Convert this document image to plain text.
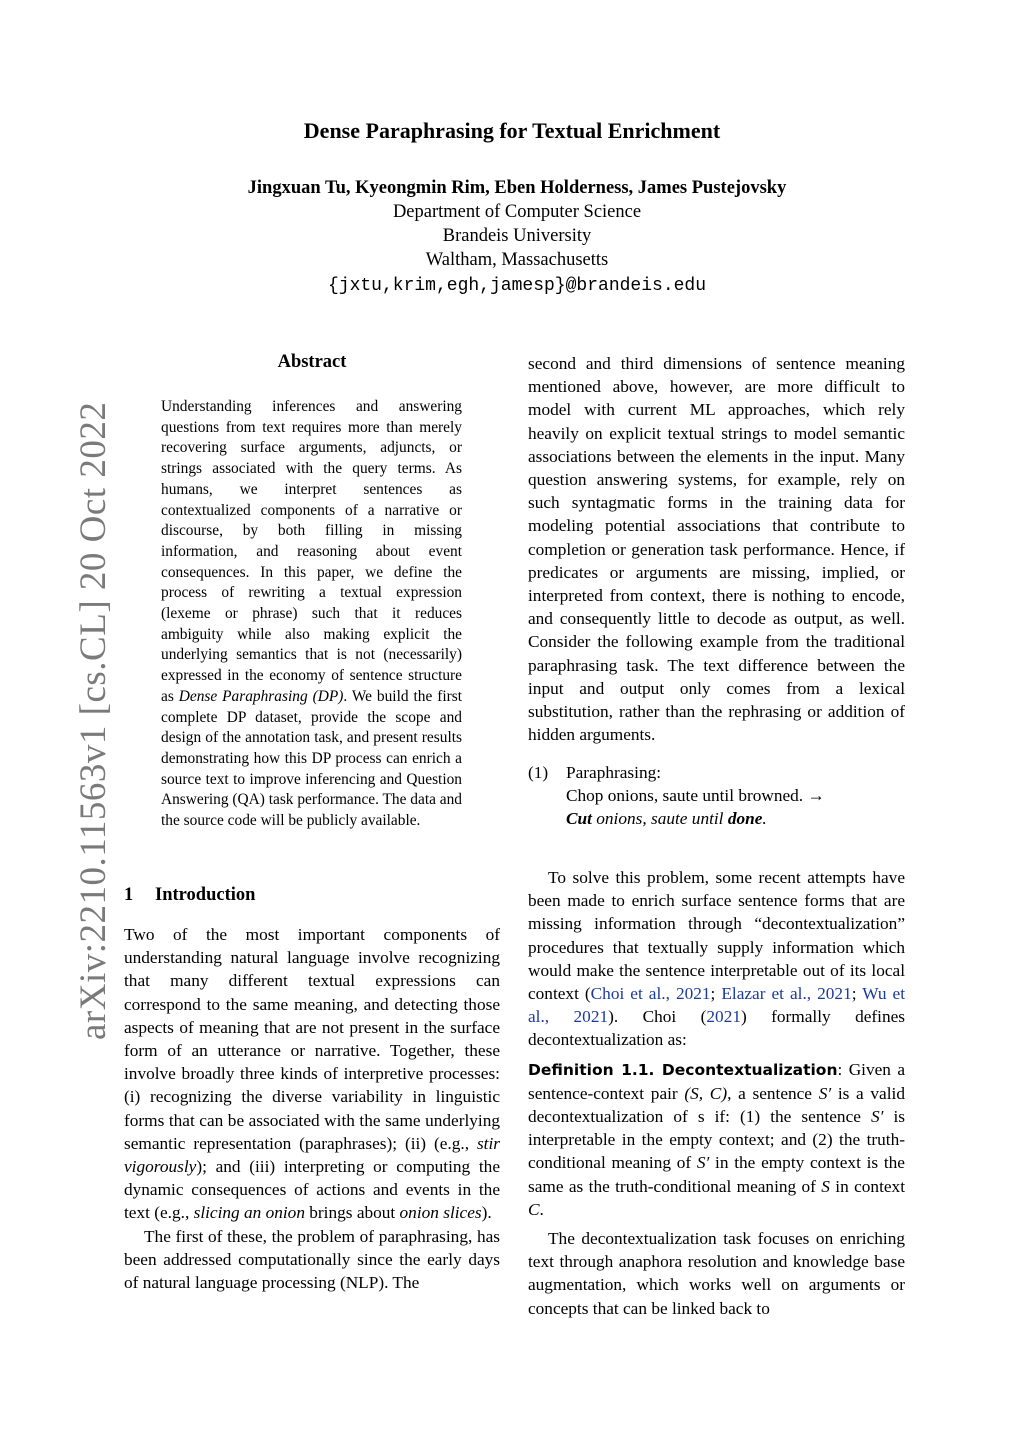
arXiv:2210.11563v1 [cs.CL] 20 Oct 2022
Dense Paraphrasing for Textual Enrichment
Jingxuan Tu, Kyeongmin Rim, Eben Holderness, James Pustejovsky
Department of Computer Science
Brandeis University
Waltham, Massachusetts
{jxtu,krim,egh,jamesp}@brandeis.edu
Abstract
Understanding inferences and answering questions from text requires more than merely recovering surface arguments, adjuncts, or strings associated with the query terms. As humans, we interpret sentences as contextualized components of a narrative or discourse, by both filling in missing information, and reasoning about event consequences. In this paper, we define the process of rewriting a textual expression (lexeme or phrase) such that it reduces ambiguity while also making explicit the underlying semantics that is not (necessarily) expressed in the economy of sentence structure as Dense Paraphrasing (DP). We build the first complete DP dataset, provide the scope and design of the annotation task, and present results demonstrating how this DP process can enrich a source text to improve inferencing and Question Answering (QA) task performance. The data and the source code will be publicly available.
1 Introduction

Two of the most important components of understanding natural language involve recognizing that many different textual expressions can correspond to the same meaning, and detecting those aspects of meaning that are not present in the surface form of an utterance or narrative. Together, these involve broadly three kinds of interpretive processes: (i) recognizing the diverse variability in linguistic forms that can be associated with the same underlying semantic representation (paraphrases); (ii) (e.g., stir vigorously); and (iii) interpreting or computing the dynamic consequences of actions and events in the text (e.g., slicing an onion brings about onion slices).

The first of these, the problem of paraphrasing, has been addressed computationally since the early days of natural language processing (NLP). The

second and third dimensions of sentence meaning mentioned above, however, are more difficult to model with current ML approaches, which rely heavily on explicit textual strings to model semantic associations between the elements in the input. Many question answering systems, for example, rely on such syntagmatic forms in the training data for modeling potential associations that contribute to completion or generation task performance. Hence, if predicates or arguments are missing, implied, or interpreted from context, there is nothing to encode, and consequently little to decode as output, as well. Consider the following example from the traditional paraphrasing task. The text difference between the input and output only comes from a lexical substitution, rather than the rephrasing or addition of hidden arguments.

(1)	Paraphrasing:
Chop onions, saute until browned. →
Cut onions, saute until done.

To solve this problem, some recent attempts have been made to enrich surface sentence forms that are missing information through “decontextualization” procedures that textually supply information which would make the sentence interpretable out of its local context (Choi et al., 2021; Elazar et al., 2021; Wu et al., 2021). Choi (2021) formally defines decontextualization as:

Definition 1.1. Decontextualization: Given a sentence-context pair (S, C), a sentence S′ is a valid decontextualization of s if: (1) the sentence S′ is interpretable in the empty context; and (2) the truth-conditional meaning of S′ in the empty context is the same as the truth-conditional meaning of S in context C.

The decontextualization task focuses on enriching text through anaphora resolution and knowledge base augmentation, which works well on arguments or concepts that can be linked back to
